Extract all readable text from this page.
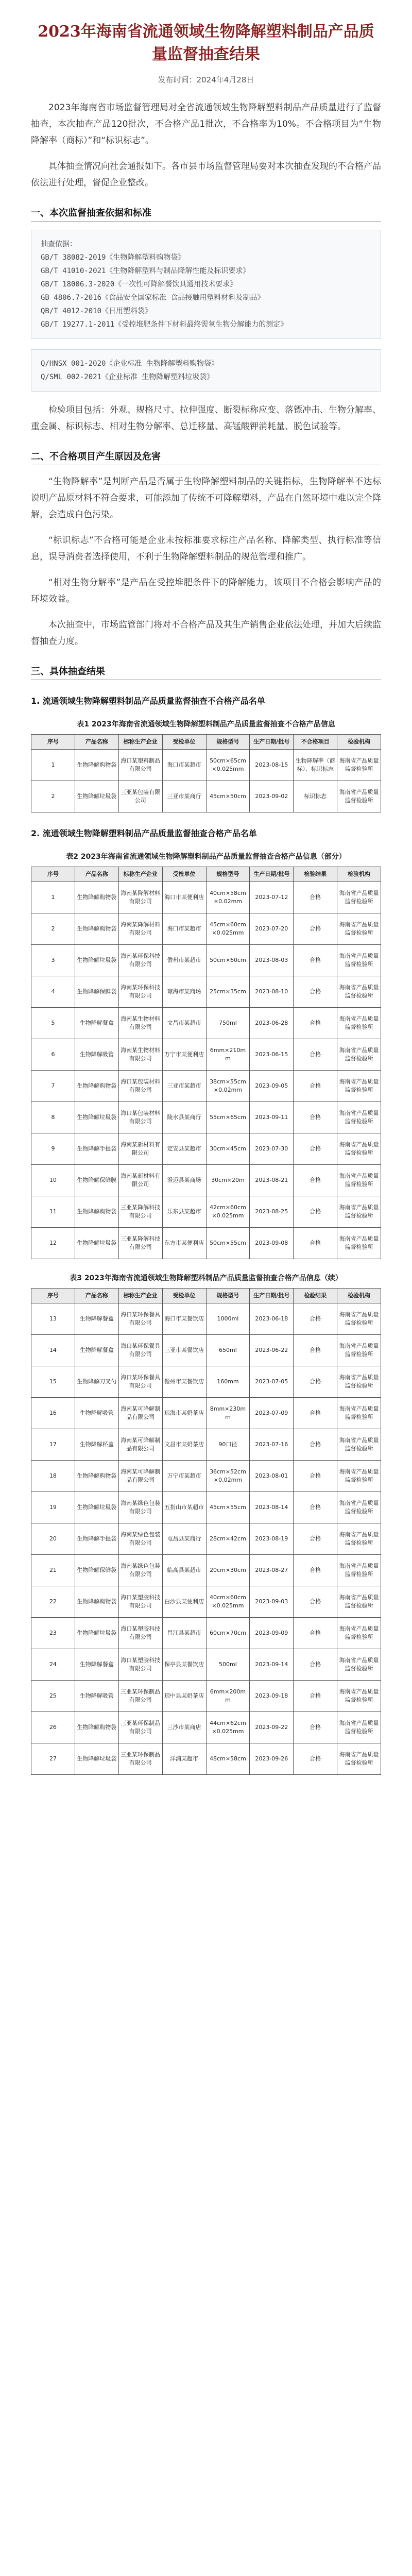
2023年海南省流通领域生物降解塑料制品产品质量监督抽查结果
发布时间：2024年4月28日

2023年海南省市场监督管理局对全省流通领域生物降解塑料制品产品质量进行了监督抽查，本次抽查产品120批次，不合格产品1批次，不合格率为10%。不合格项目为“生物降解率（商标）”和“标识标志”。

具体抽查情况向社会通报如下。各市县市场监督管理局要对本次抽查发现的不合格产品依法进行处理，督促企业整改。

一、本次监督抽查依据和标准
抽查依据：
GB/T 38082-2019《生物降解塑料购物袋》
GB/T 41010-2021《生物降解塑料与制品降解性能及标识要求》
GB/T 18006.3-2020《一次性可降解餐饮具通用技术要求》
GB 4806.7-2016《食品安全国家标准 食品接触用塑料材料及制品》
QB/T 4012-2010《日用塑料袋》
GB/T 19277.1-2011《受控堆肥条件下材料最终需氧生物分解能力的测定》
Q/HNSX 001-2020《企业标准 生物降解塑料购物袋》
Q/SML 002-2021《企业标准 生物降解塑料垃圾袋》

检验项目包括：外观、规格尺寸、拉伸强度、断裂标称应变、落镖冲击、生物分解率、重金属、标识标志、相对生物分解率、总迁移量、高锰酸钾消耗量、脱色试验等。

二、不合格项目产生原因及危害

“生物降解率”是判断产品是否属于生物降解塑料制品的关键指标，生物降解率不达标说明产品原材料不符合要求，可能添加了传统不可降解塑料，产品在自然环境中难以完全降解，会造成白色污染。

“标识标志”不合格可能是企业未按标准要求标注产品名称、降解类型、执行标准等信息，误导消费者选择使用，不利于生物降解塑料制品的规范管理和推广。

“相对生物分解率”是产品在受控堆肥条件下的降解能力，该项目不合格会影响产品的环境效益。

本次抽查中，市场监管部门将对不合格产品及其生产销售企业依法处理，并加大后续监督抽查力度。

三、具体抽查结果
1. 流通领域生物降解塑料制品产品质量监督抽查不合格产品名单
表1 2023年海南省流通领域生物降解塑料制品产品质量监督抽查不合格产品信息
序号	产品名称	标称生产企业	受检单位	规格型号	生产日期/批号	不合格项目	检验机构
1	生物降解购物袋	海口某塑料制品有限公司	海口市某超市	50cm×65cm×0.025mm	2023-08-15	生物降解率（商标）、标识标志	海南省产品质量监督检验所
2	生物降解垃圾袋	三亚某包装有限公司	三亚市某商行	45cm×50cm	2023-09-02	标识标志	海南省产品质量监督检验所
2. 流通领域生物降解塑料制品产品质量监督抽查合格产品名单
表2 2023年海南省流通领域生物降解塑料制品产品质量监督抽查合格产品信息（部分）
序号	产品名称	标称生产企业	受检单位	规格型号	生产日期/批号	检验结果	检验机构
1	生物降解购物袋	海南某降解材料有限公司	海口市某便利店	40cm×58cm×0.02mm	2023-07-12	合格	海南省产品质量监督检验所
2	生物降解购物袋	海南某降解材料有限公司	海口市某超市	45cm×60cm×0.025mm	2023-07-20	合格	海南省产品质量监督检验所
3	生物降解垃圾袋	海南某环保科技有限公司	儋州市某超市	50cm×60cm	2023-08-03	合格	海南省产品质量监督检验所
4	生物降解保鲜袋	海南某环保科技有限公司	琼海市某商场	25cm×35cm	2023-08-10	合格	海南省产品质量监督检验所
5	生物降解餐盒	海南某生物材料有限公司	文昌市某超市	750ml	2023-06-28	合格	海南省产品质量监督检验所
6	生物降解吸管	海南某生物材料有限公司	万宁市某便利店	6mm×210mm	2023-06-15	合格	海南省产品质量监督检验所
7	生物降解购物袋	海口某包装材料有限公司	三亚市某超市	38cm×55cm×0.02mm	2023-09-05	合格	海南省产品质量监督检验所
8	生物降解垃圾袋	海口某包装材料有限公司	陵水县某商行	55cm×65cm	2023-09-11	合格	海南省产品质量监督检验所
9	生物降解手提袋	海南某新材料有限公司	定安县某超市	30cm×45cm	2023-07-30	合格	海南省产品质量监督检验所
10	生物降解保鲜膜	海南某新材料有限公司	澄迈县某商场	30cm×20m	2023-08-21	合格	海南省产品质量监督检验所
11	生物降解购物袋	三亚某降解科技有限公司	乐东县某超市	42cm×60cm×0.025mm	2023-08-25	合格	海南省产品质量监督检验所
12	生物降解垃圾袋	三亚某降解科技有限公司	东方市某便利店	50cm×55cm	2023-09-08	合格	海南省产品质量监督检验所
表3 2023年海南省流通领域生物降解塑料制品产品质量监督抽查合格产品信息（续）
序号	产品名称	标称生产企业	受检单位	规格型号	生产日期/批号	检验结果	检验机构
13	生物降解餐盒	海口某环保餐具有限公司	海口市某餐饮店	1000ml	2023-06-18	合格	海南省产品质量监督检验所
14	生物降解餐盒	海口某环保餐具有限公司	三亚市某餐饮店	650ml	2023-06-22	合格	海南省产品质量监督检验所
15	生物降解刀叉勺	海口某环保餐具有限公司	儋州市某餐饮店	160mm	2023-07-05	合格	海南省产品质量监督检验所
16	生物降解吸管	海南某可降解制品有限公司	琼海市某奶茶店	8mm×230mm	2023-07-09	合格	海南省产品质量监督检验所
17	生物降解杯盖	海南某可降解制品有限公司	文昌市某奶茶店	90口径	2023-07-16	合格	海南省产品质量监督检验所
18	生物降解购物袋	海南某可降解制品有限公司	万宁市某超市	36cm×52cm×0.02mm	2023-08-01	合格	海南省产品质量监督检验所
19	生物降解垃圾袋	海南某绿色包装有限公司	五指山市某超市	45cm×55cm	2023-08-14	合格	海南省产品质量监督检验所
20	生物降解手提袋	海南某绿色包装有限公司	屯昌县某商行	28cm×42cm	2023-08-19	合格	海南省产品质量监督检验所
21	生物降解保鲜袋	海南某绿色包装有限公司	临高县某超市	20cm×30cm	2023-08-27	合格	海南省产品质量监督检验所
22	生物降解购物袋	海口某塑胶科技有限公司	白沙县某便利店	40cm×60cm×0.025mm	2023-09-03	合格	海南省产品质量监督检验所
23	生物降解垃圾袋	海口某塑胶科技有限公司	昌江县某超市	60cm×70cm	2023-09-09	合格	海南省产品质量监督检验所
24	生物降解餐盒	海口某塑胶科技有限公司	保亭县某餐饮店	500ml	2023-09-14	合格	海南省产品质量监督检验所
25	生物降解吸管	三亚某环保制品有限公司	琼中县某奶茶店	6mm×200mm	2023-09-18	合格	海南省产品质量监督检验所
26	生物降解购物袋	三亚某环保制品有限公司	三沙市某商店	44cm×62cm×0.025mm	2023-09-22	合格	海南省产品质量监督检验所
27	生物降解垃圾袋	三亚某环保制品有限公司	洋浦某超市	48cm×58cm	2023-09-26	合格	海南省产品质量监督检验所
